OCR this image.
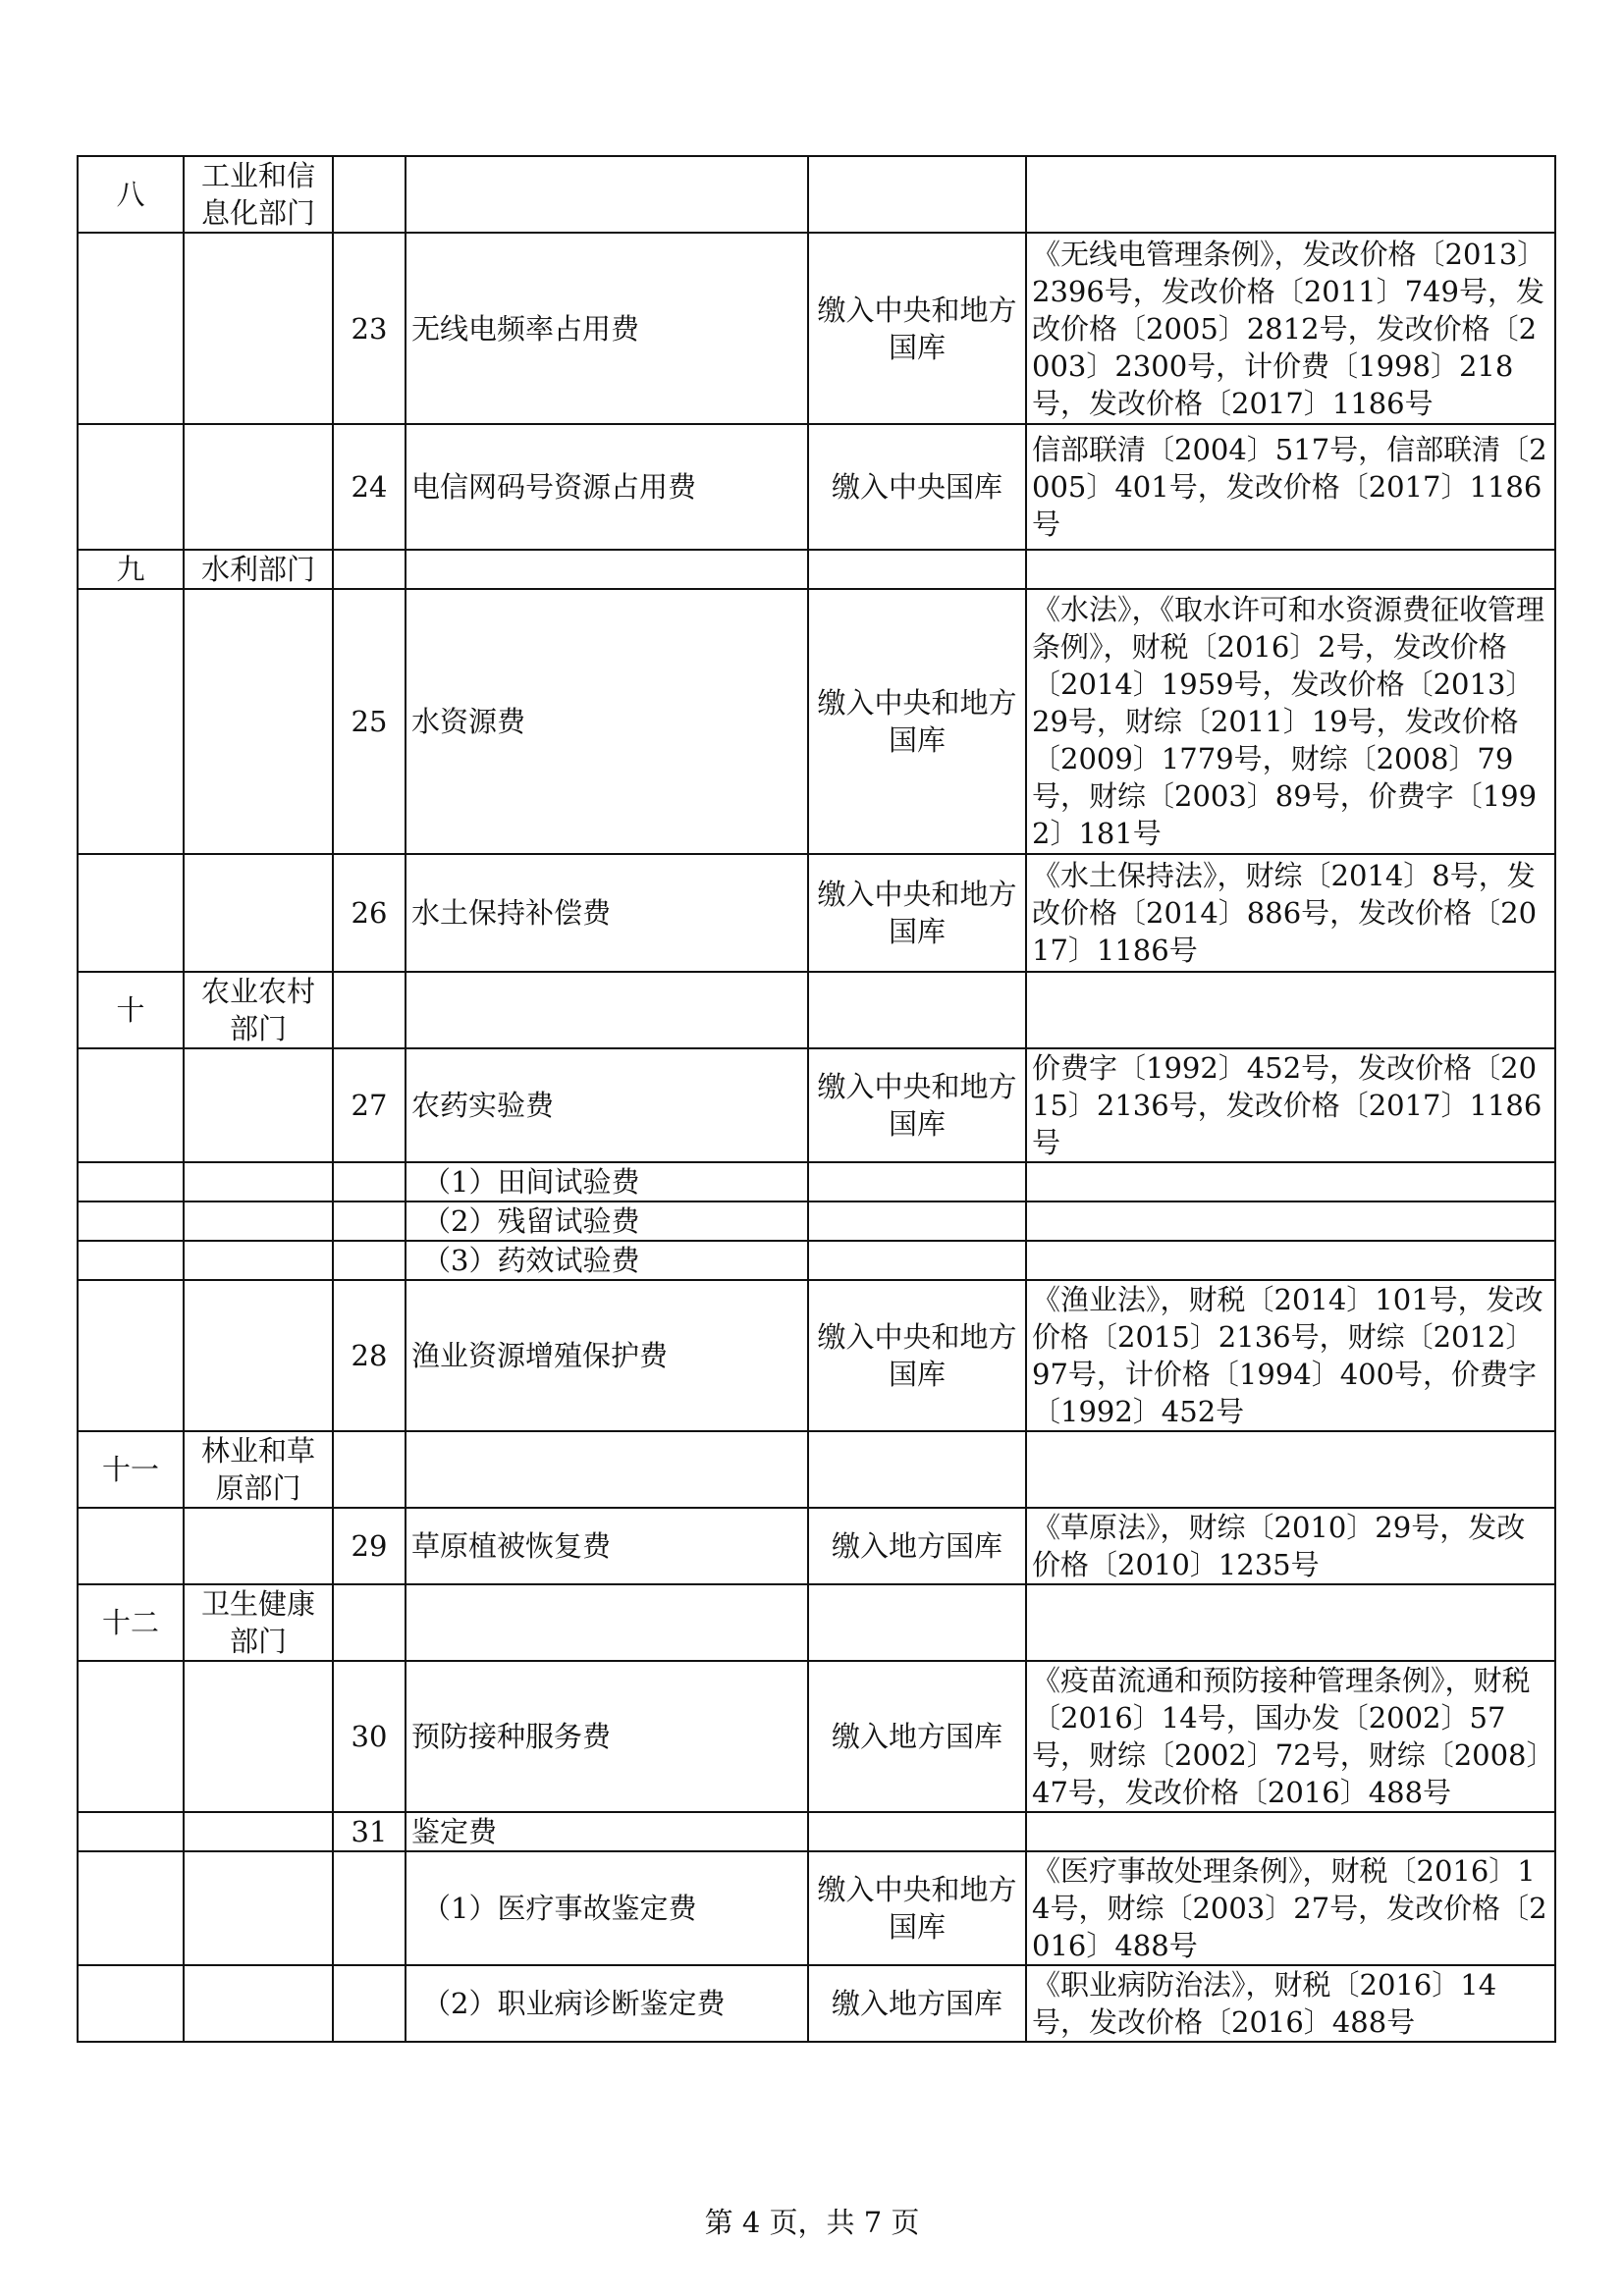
八	工业和信息化部门				
		23	无线电频率占用费	缴入中央和地方国库	《无线电管理条例》，发改价格〔2013〕2396号，发改价格〔2011〕749号，发改价格〔2005〕2812号，发改价格〔2003〕2300号，计价费〔1998〕218号，发改价格〔2017〕1186号
		24	电信网码号资源占用费	缴入中央国库	信部联清〔2004〕517号，信部联清〔2005〕401号，发改价格〔2017〕1186号
九	水利部门				
		25	水资源费	缴入中央和地方国库	《水法》，《取水许可和水资源费征收管理条例》，财税〔2016〕2号，发改价格〔2014〕1959号，发改价格〔2013〕29号，财综〔2011〕19号，发改价格〔2009〕1779号，财综〔2008〕79号，财综〔2003〕89号，价费字〔1992〕181号
		26	水土保持补偿费	缴入中央和地方国库	《水土保持法》，财综〔2014〕8号，发改价格〔2014〕886号，发改价格〔2017〕1186号
十	农业农村部门				
		27	农药实验费	缴入中央和地方国库	价费字〔1992〕452号，发改价格〔2015〕2136号，发改价格〔2017〕1186号
			（1）田间试验费		
			（2）残留试验费		
			（3）药效试验费		
		28	渔业资源增殖保护费	缴入中央和地方国库	《渔业法》，财税〔2014〕101号，发改价格〔2015〕2136号，财综〔2012〕97号，计价格〔1994〕400号，价费字〔1992〕452号
十一	林业和草原部门				
		29	草原植被恢复费	缴入地方国库	《草原法》，财综〔2010〕29号，发改价格〔2010〕1235号
十二	卫生健康部门				
		30	预防接种服务费	缴入地方国库	《疫苗流通和预防接种管理条例》，财税〔2016〕14号，国办发〔2002〕57号，财综〔2002〕72号，财综〔2008〕47号，发改价格〔2016〕488号
		31	鉴定费		
			（1）医疗事故鉴定费	缴入中央和地方国库	《医疗事故处理条例》，财税〔2016〕14号，财综〔2003〕27号，发改价格〔2016〕488号
			（2）职业病诊断鉴定费	缴入地方国库	《职业病防治法》，财税〔2016〕14号，发改价格〔2016〕488号
第 4 页，共 7 页
